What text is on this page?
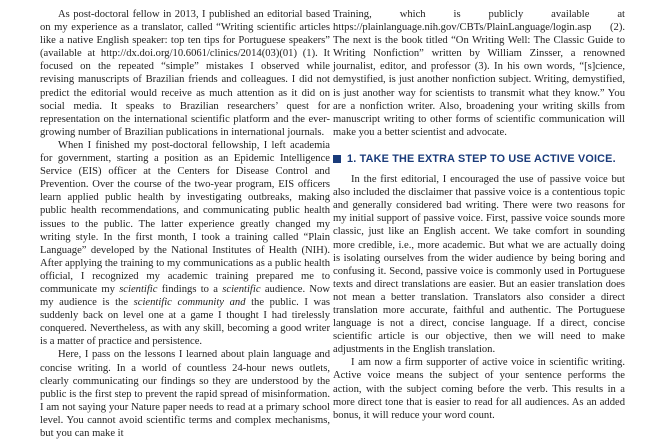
As post-doctoral fellow in 2013, I published an editorial based on my experience as a translator, called “Writing scientific articles like a native English speaker: top ten tips for Portuguese speakers” (available at http://dx.doi.org/10.6061/clinics/2014(03)(01) (1). It focused on the repeated “simple” mistakes I observed while revising manuscripts of Brazilian friends and colleagues. I did not predict the editorial would receive as much attention as it did on social media. It speaks to Brazilian researchers’ quest for representation on the international scientific platform and the ever-growing number of Brazilian publications in international journals.

When I finished my post-doctoral fellowship, I left academia for government, starting a position as an Epidemic Intelligence Service (EIS) officer at the Centers for Disease Control and Prevention. Over the course of the two-year program, EIS officers learn applied public health by investigating outbreaks, making public health recommendations, and communicating public health issues to the public. The latter experience greatly changed my writing style. In the first month, I took a training called “Plain Language” developed by the National Institutes of Health (NIH). After applying the training to my communications as a public health official, I recognized my academic training prepared me to communicate my scientific findings to a scientific audience. Now my audience is the scientific community and the public. I was suddenly back on level one at a game I thought I had tirelessly conquered. Nevertheless, as with any skill, becoming a good writer is a matter of practice and persistence.

Here, I pass on the lessons I learned about plain language and concise writing. In a world of countless 24-hour news outlets, clearly communicating our findings so they are understood by the public is the first step to prevent the rapid spread of misinformation. I am not saying your Nature paper needs to read at a primary school level. You cannot avoid scientific terms and complex mechanisms, but you can make it

Training, which is publicly available at https://plainlanguage.nih.gov/CBTs/PlainLanguage/login.asp (2). The next is the book titled “On Writing Well: The Classic Guide to Writing Nonfiction” written by William Zinsser, a renowned journalist, editor, and professor (3). In his own words, “[s]cience, demystified, is just another nonfiction subject. Writing, demystified, is just another way for scientists to transmit what they know.” You are a nonfiction writer. Also, broadening your writing skills from manuscript writing to other forms of scientific communication will make you a better scientist and advocate.

1. TAKE THE EXTRA STEP TO USE ACTIVE VOICE.

In the first editorial, I encouraged the use of passive voice but also included the disclaimer that passive voice is a contentious topic and generally considered bad writing. There were two reasons for my initial support of passive voice. First, passive voice sounds more classic, just like an English accent. We take comfort in sounding more credible, i.e., more academic. But what we are actually doing is isolating ourselves from the wider audience by being boring and confusing it. Second, passive voice is commonly used in Portuguese texts and direct translations are easier. But an easier translation does not mean a better translation. Translators also consider a direct translation more accurate, faithful and authentic. The Portuguese language is not a direct, concise language. If a direct, concise scientific article is our objective, then we will need to make adjustments in the English translation.

I am now a firm supporter of active voice in scientific writing. Active voice means the subject of your sentence performs the action, with the subject coming before the verb. This results in a more direct tone that is easier to read for all audiences. As an added bonus, it will reduce your word count.
